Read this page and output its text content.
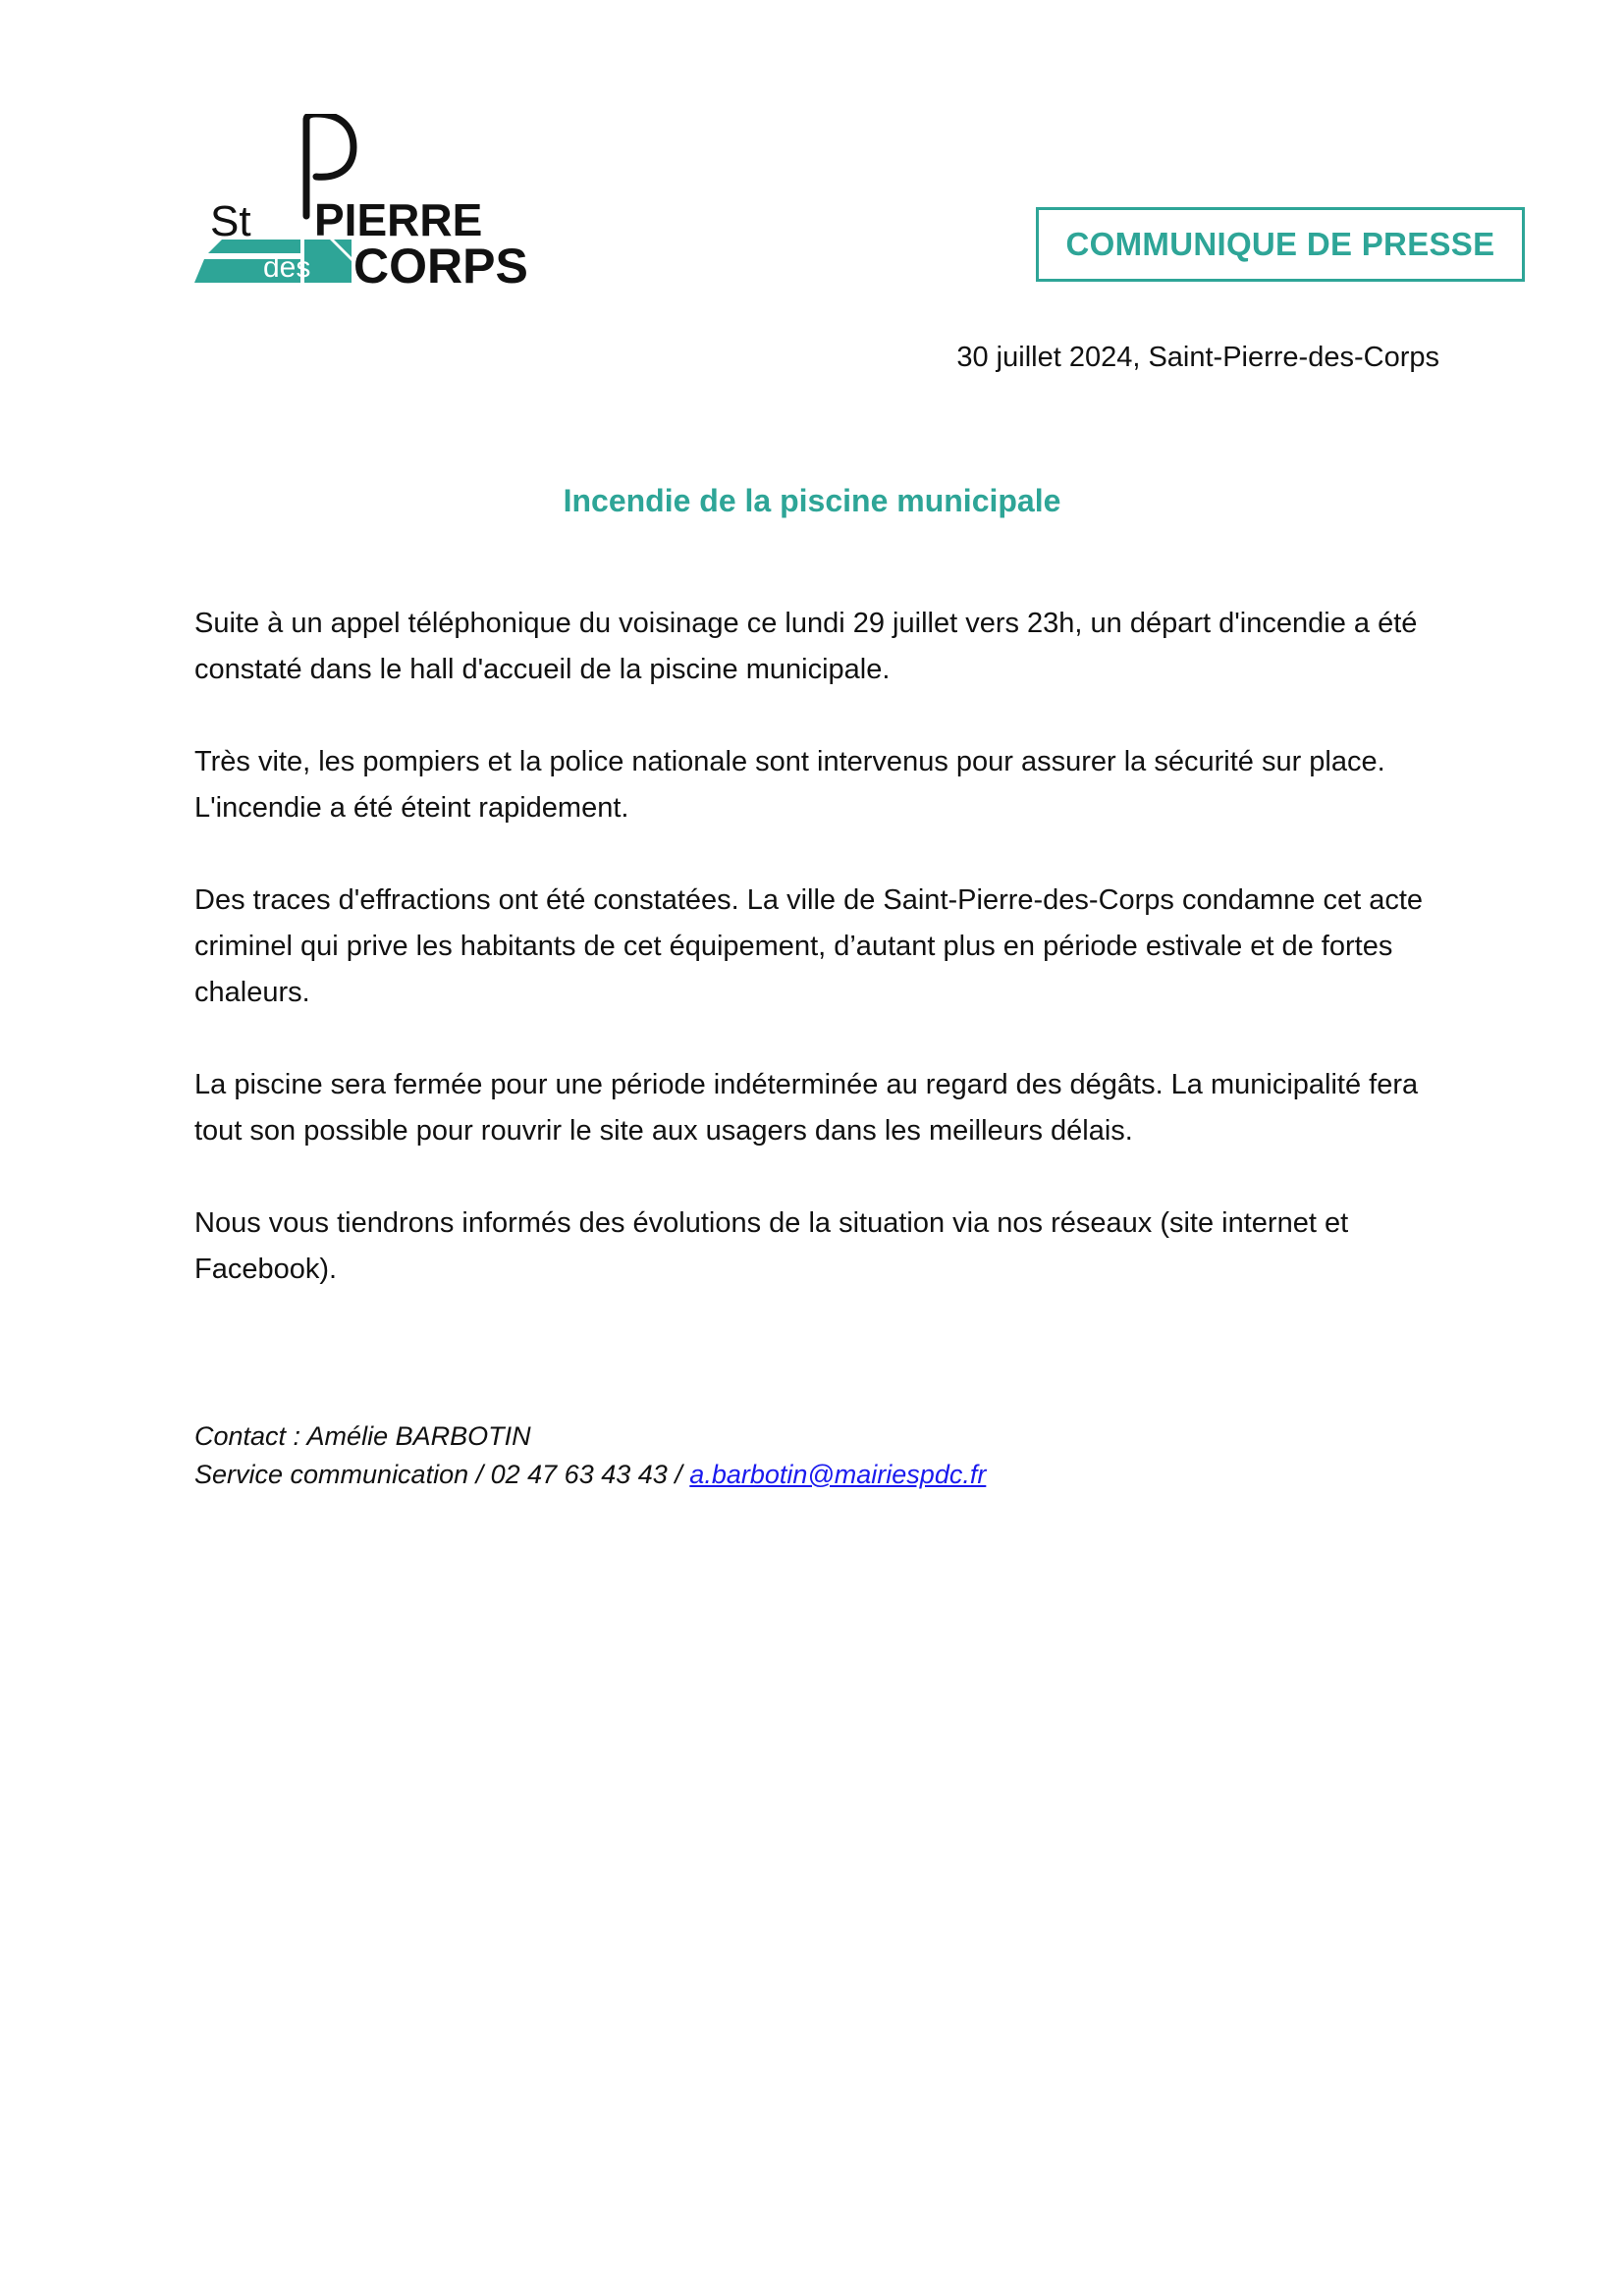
St PIERRE
des CORPS	COMMUNIQUE DE PRESSE
30 juillet 2024, Saint-Pierre-des-Corps
Incendie de la piscine municipale

Suite à un appel téléphonique du voisinage ce lundi 29 juillet vers 23h, un départ d'incendie a été constaté dans le hall d'accueil de la piscine municipale.

Très vite, les pompiers et la police nationale sont intervenus pour assurer la sécurité sur place. L'incendie a été éteint rapidement.

Des traces d'effractions ont été constatées. La ville de Saint-Pierre-des-Corps condamne cet acte criminel qui prive les habitants de cet équipement, d’autant plus en période estivale et de fortes chaleurs.

La piscine sera fermée pour une période indéterminée au regard des dégâts. La municipalité fera tout son possible pour rouvrir le site aux usagers dans les meilleurs délais.

Nous vous tiendrons informés des évolutions de la situation via nos réseaux (site internet et Facebook).

Contact : Amélie BARBOTIN
Service communication / 02 47 63 43 43 / a.barbotin@mairiespdc.fr
